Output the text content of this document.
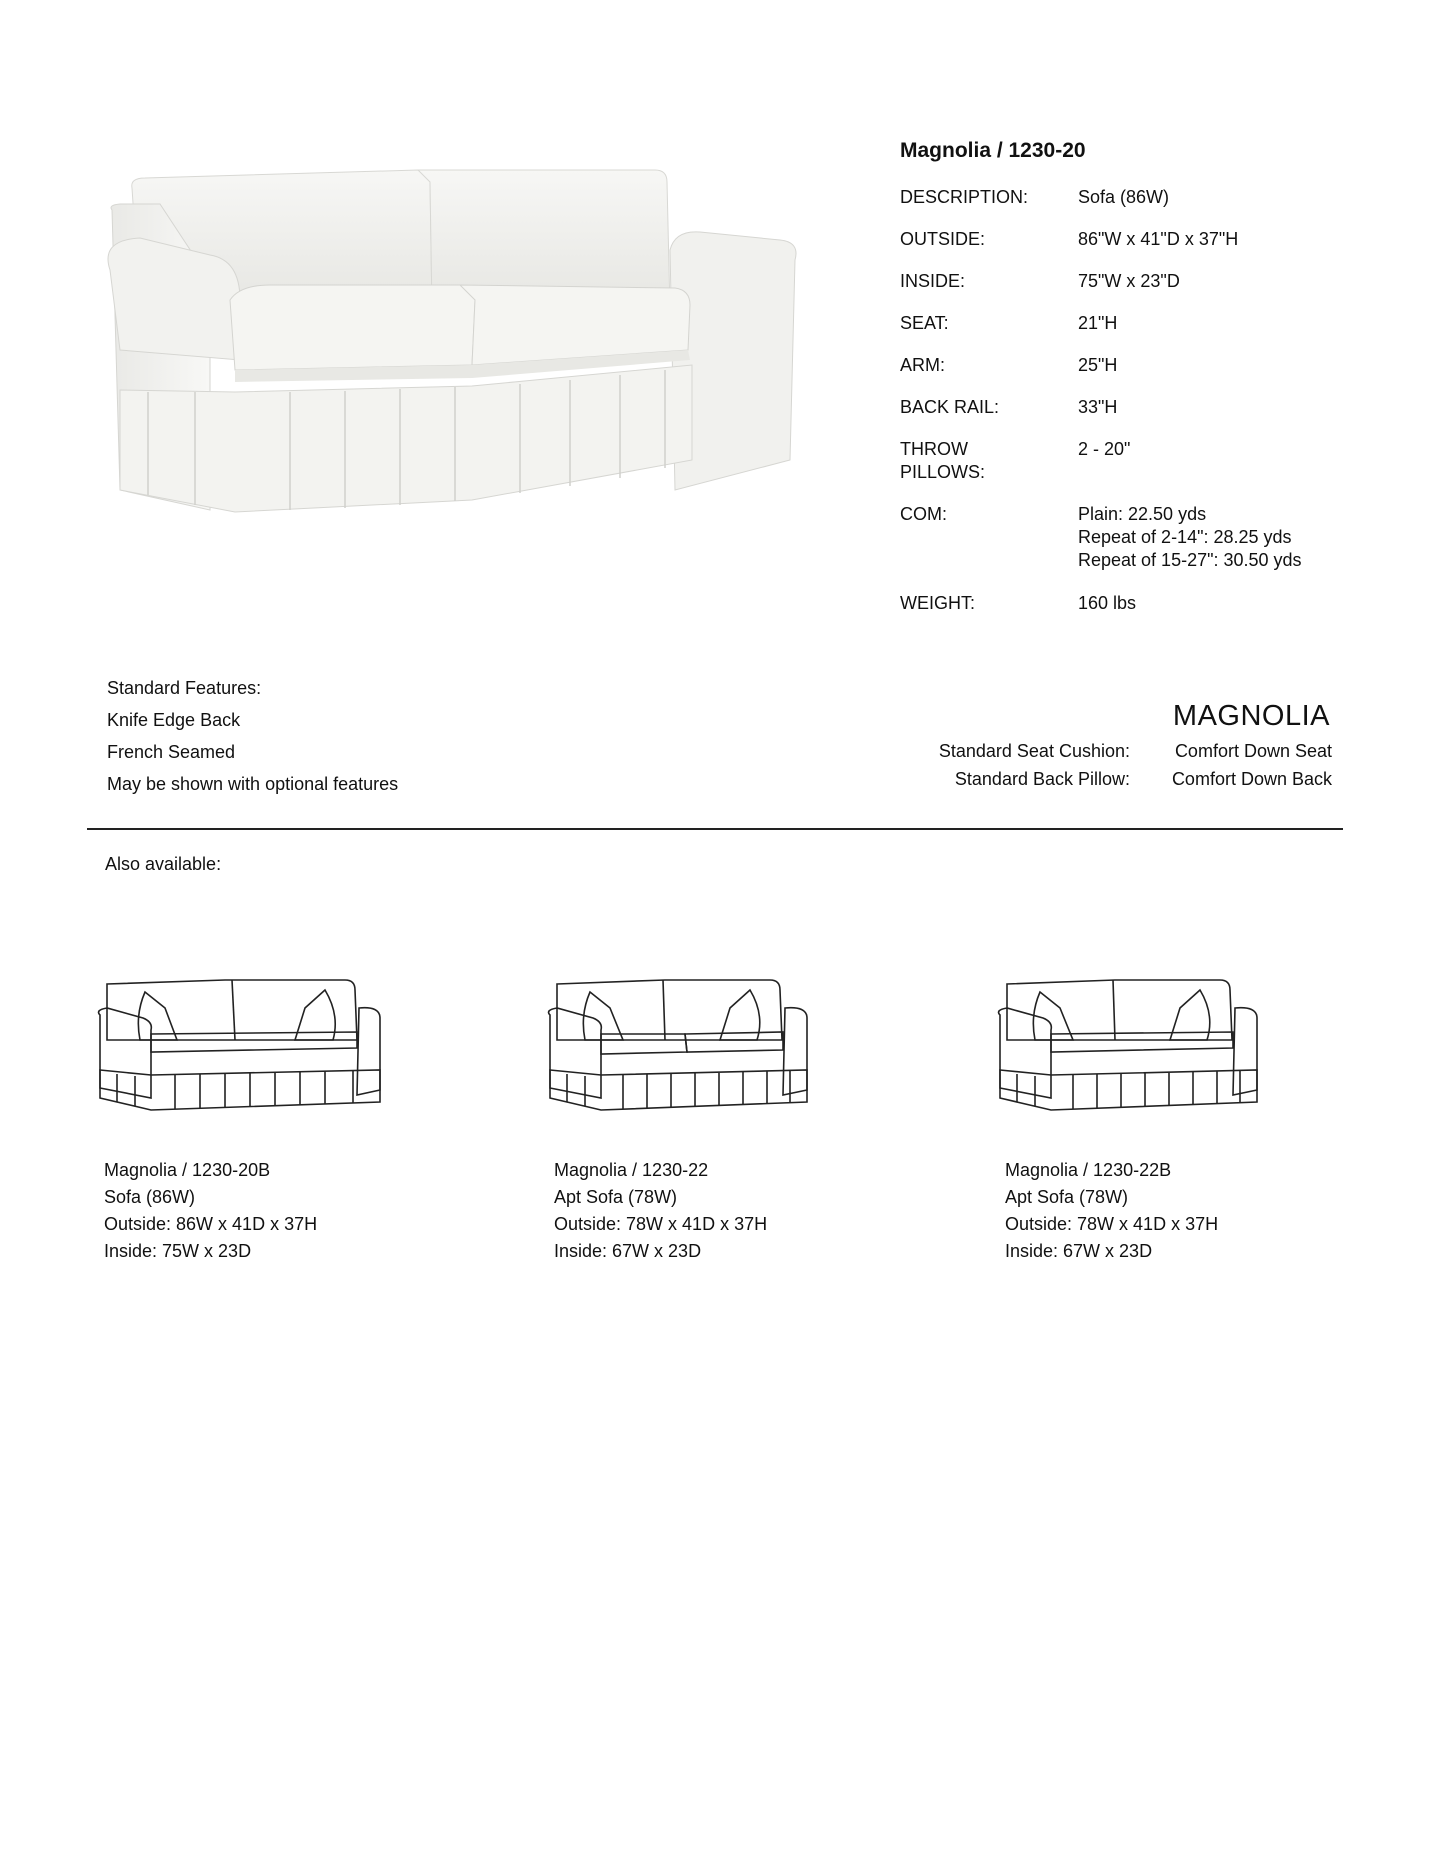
Magnolia / 1230-20
DESCRIPTION:	Sofa (86W)
OUTSIDE:	86"W x 41"D x 37"H
INSIDE:	75"W x 23"D
SEAT:	21"H
ARM:	25"H
BACK RAIL:	33"H
THROW PILLOWS:
2 - 20"
COM:	Plain: 22.50 yds
Repeat of 2-14": 28.25 yds
Repeat of 15-27": 30.50 yds
WEIGHT:	160 lbs
Standard Features:
Knife Edge Back
French Seamed
May be shown with optional features
MAGNOLIA
Standard Seat Cushion:	Comfort Down Seat
Standard Back Pillow:	Comfort Down Back
Also available:
Magnolia / 1230-20B
Sofa (86W)
Outside: 86W x 41D x 37H
Inside: 75W x 23D
Magnolia / 1230-22
Apt Sofa (78W)
Outside: 78W x 41D x 37H
Inside: 67W x 23D
Magnolia / 1230-22B
Apt Sofa (78W)
Outside: 78W x 41D x 37H
Inside: 67W x 23D
